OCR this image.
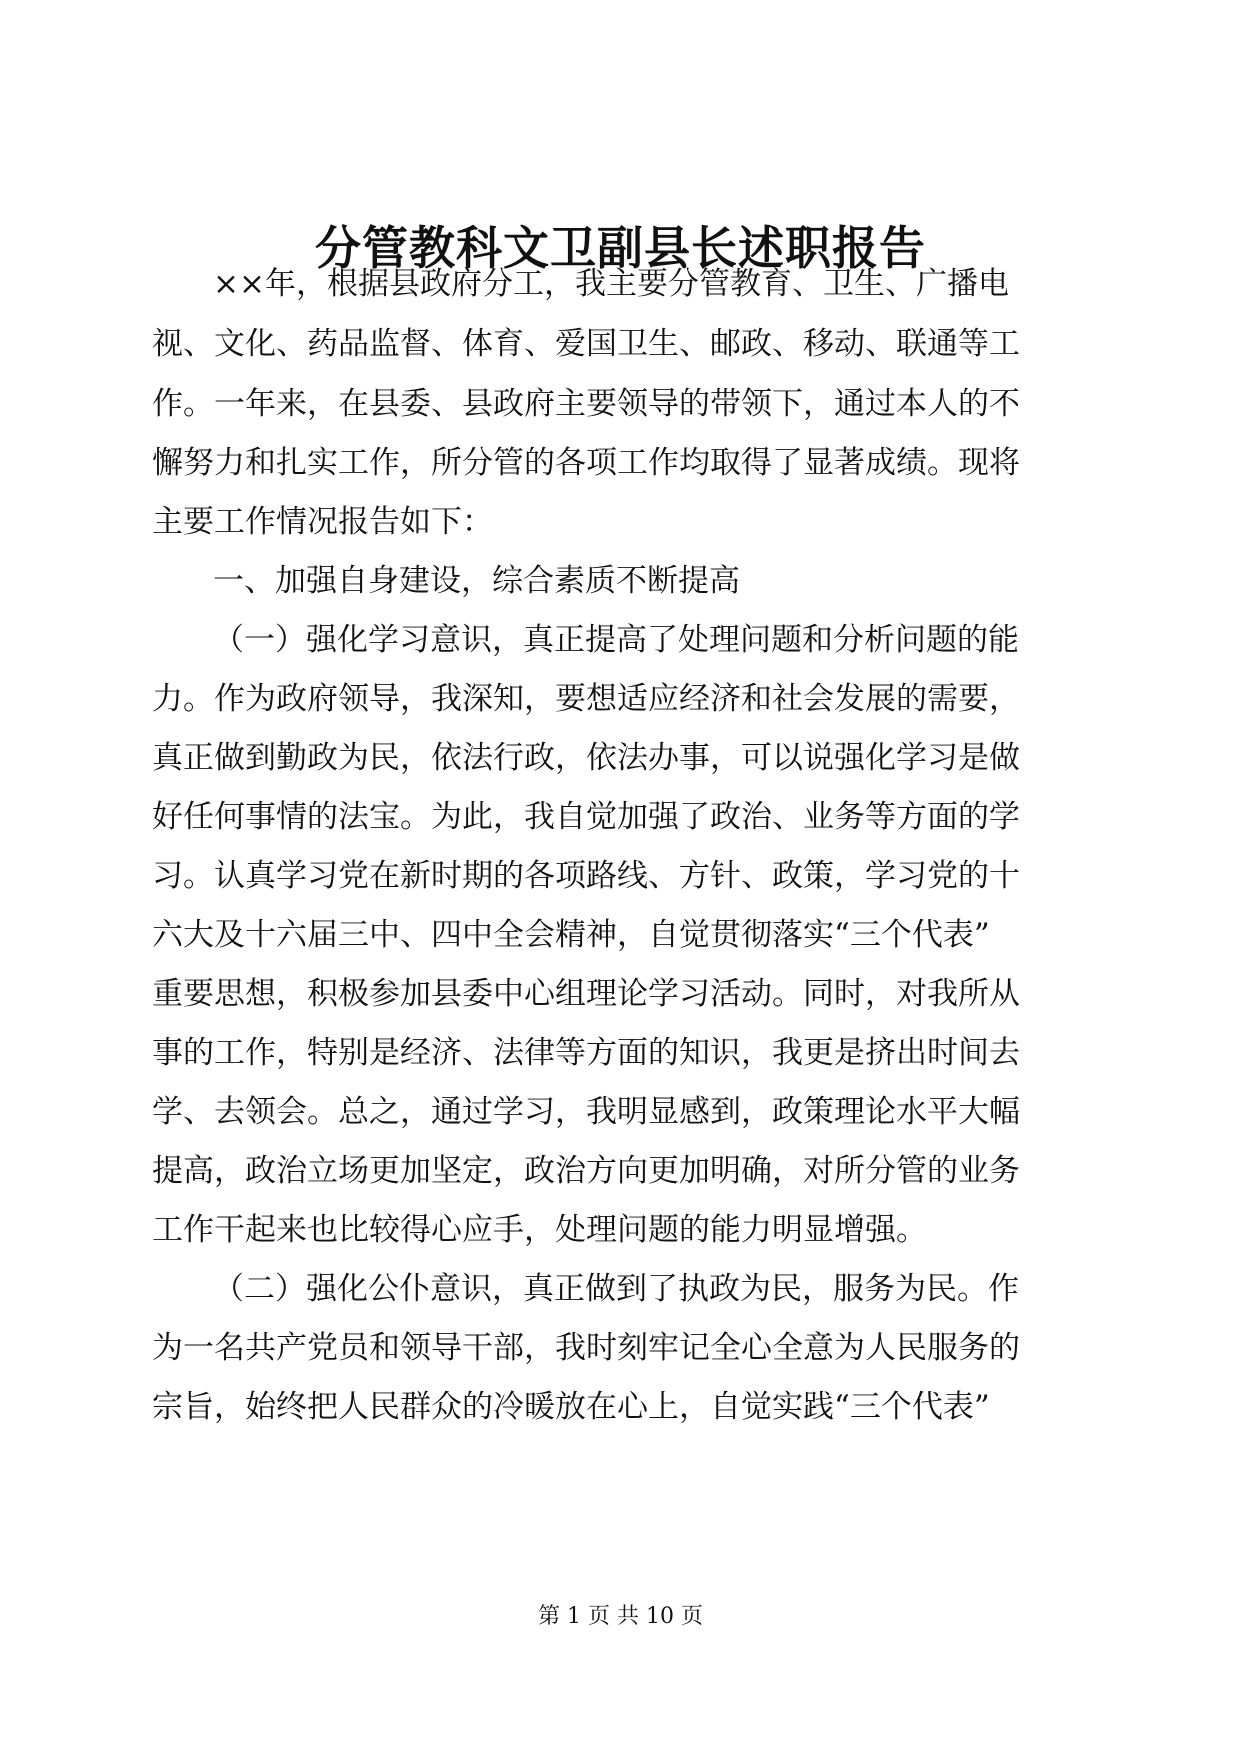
分管教科文卫副县长述职报告
××年，根据县政府分工，我主要分管教育、卫生、广播电
视、文化、药品监督、体育、爱国卫生、邮政、移动、联通等工
作。一年来，在县委、县政府主要领导的带领下，通过本人的不
懈努力和扎实工作，所分管的各项工作均取得了显著成绩。现将
主要工作情况报告如下：
一、加强自身建设，综合素质不断提高
（一）强化学习意识，真正提高了处理问题和分析问题的能
力。作为政府领导，我深知，要想适应经济和社会发展的需要，
真正做到勤政为民，依法行政，依法办事，可以说强化学习是做
好任何事情的法宝。为此，我自觉加强了政治、业务等方面的学
习。认真学习党在新时期的各项路线、方针、政策，学习党的十
六大及十六届三中、四中全会精神，自觉贯彻落实“三个代表”
重要思想，积极参加县委中心组理论学习活动。同时，对我所从
事的工作，特别是经济、法律等方面的知识，我更是挤出时间去
学、去领会。总之，通过学习，我明显感到，政策理论水平大幅
提高，政治立场更加坚定，政治方向更加明确，对所分管的业务
工作干起来也比较得心应手，处理问题的能力明显增强。
（二）强化公仆意识，真正做到了执政为民，服务为民。作
为一名共产党员和领导干部，我时刻牢记全心全意为人民服务的
宗旨，始终把人民群众的冷暖放在心上，自觉实践“三个代表”
第 1 页 共 10 页
